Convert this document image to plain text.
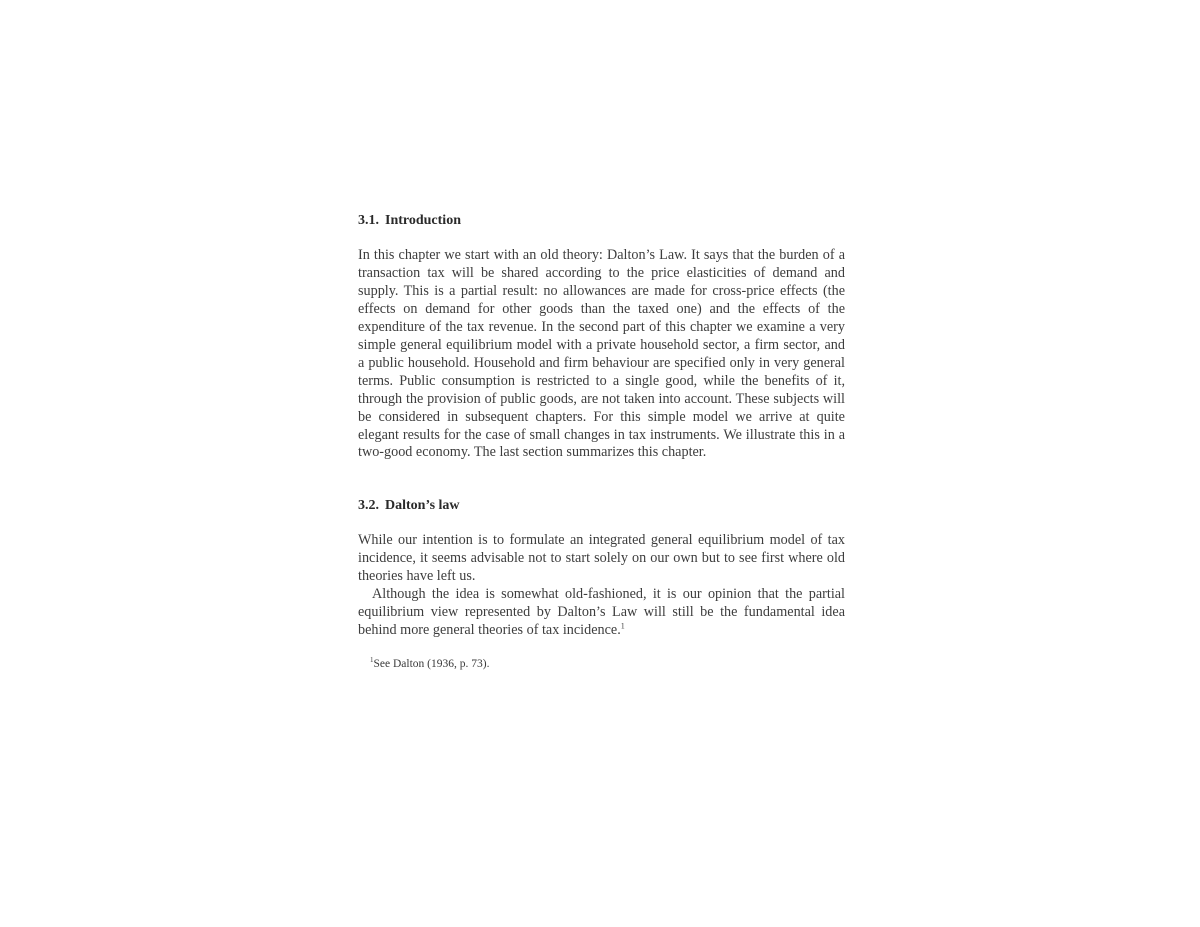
3.1. Introduction

In this chapter we start with an old theory: Dalton’s Law. It says that the burden of a transaction tax will be shared according to the price elasticities of demand and supply. This is a partial result: no allowances are made for cross-price effects (the effects on demand for other goods than the taxed one) and the effects of the expenditure of the tax revenue. In the second part of this chapter we examine a very simple general equilibrium model with a private household sector, a firm sector, and a public household. Household and firm behaviour are specified only in very general terms. Public consumption is restricted to a single good, while the benefits of it, through the provision of public goods, are not taken into account. These subjects will be considered in subsequent chapters. For this simple model we arrive at quite elegant results for the case of small changes in tax instruments. We illustrate this in a two-good economy. The last section summarizes this chapter.

3.2. Dalton’s law

While our intention is to formulate an integrated general equilibrium model of tax incidence, it seems advisable not to start solely on our own but to see first where old theories have left us.

Although the idea is somewhat old-fashioned, it is our opinion that the partial equilibrium view represented by Dalton’s Law will still be the fundamental idea behind more general theories of tax incidence.$^1$

$^1$See Dalton (1936, p. 73).
